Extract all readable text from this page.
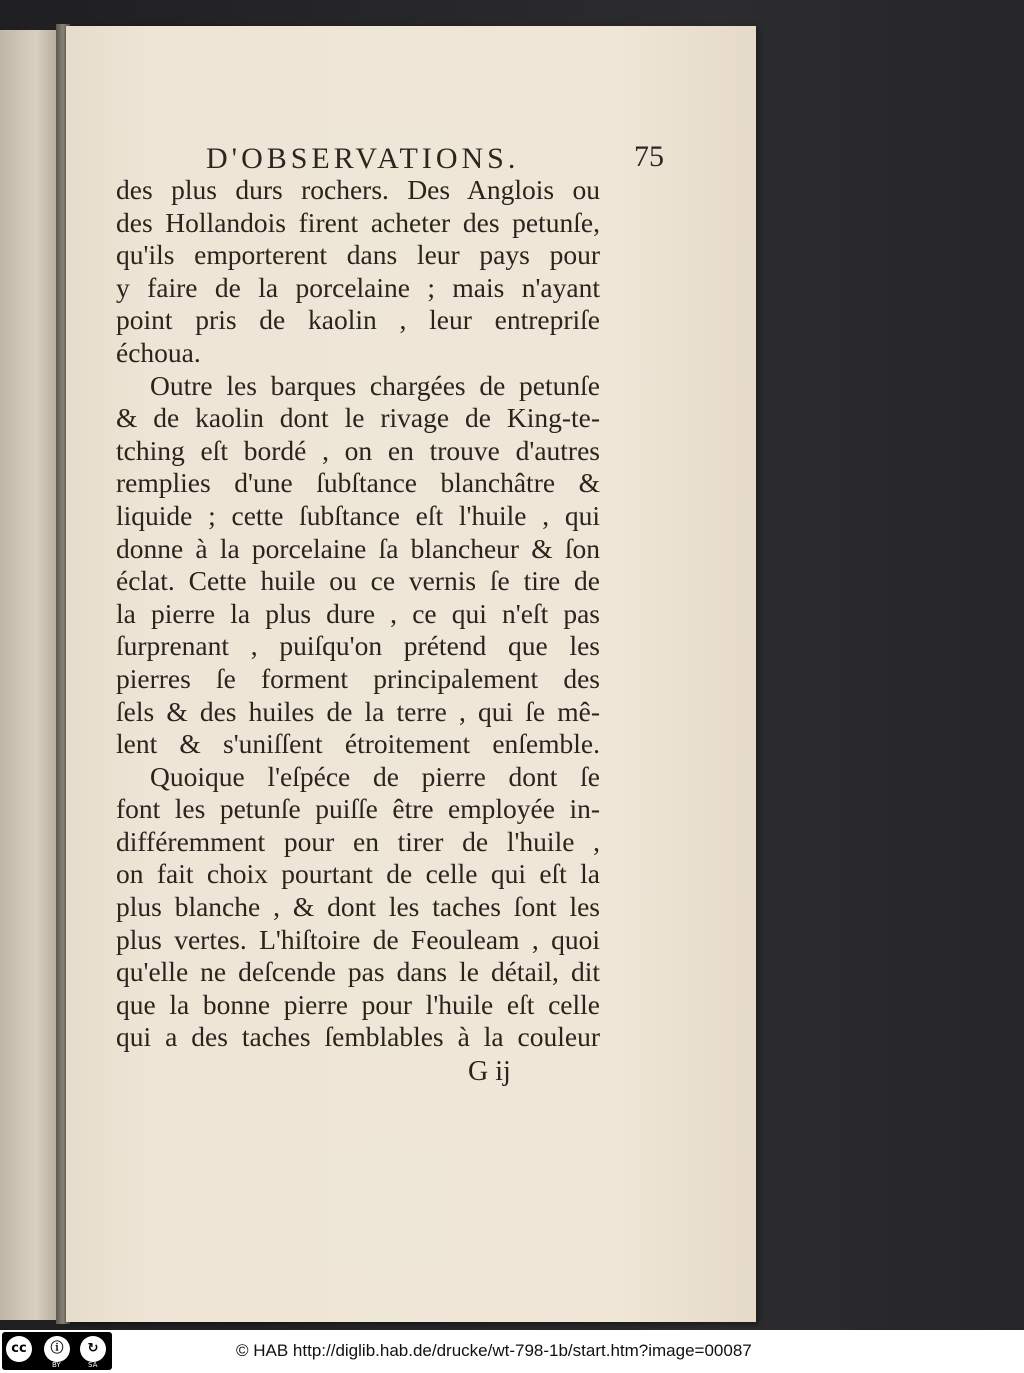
D'OBSERVATIONS.	75
des plus durs rochers. Des Anglois ou
des Hollandois firent acheter des petunſe,
qu'ils emporterent dans leur pays pour
y faire de la porcelaine ; mais n'ayant
point pris de kaolin , leur entrepriſe
échoua.
Outre les barques chargées de petunſe
& de kaolin dont le rivage de King-te-
tching eſt bordé , on en trouve d'autres
remplies d'une ſubſtance blanchâtre &
liquide ; cette ſubſtance eſt l'huile , qui
donne à la porcelaine ſa blancheur & ſon
éclat. Cette huile ou ce vernis ſe tire de
la pierre la plus dure , ce qui n'eſt pas
ſurprenant , puiſqu'on prétend que les
pierres ſe forment principalement des
ſels & des huiles de la terre , qui ſe mê-
lent & s'uniſſent étroitement enſemble.
Quoique l'eſpéce de pierre dont ſe
font les petunſe puiſſe être employée in-
différemment pour en tirer de l'huile ,
on fait choix pourtant de celle qui eſt la
plus blanche , & dont les taches ſont les
plus vertes. L'hiſtoire de Feouleam , quoi
qu'elle ne deſcende pas dans le détail, dit
que la bonne pierre pour l'huile eſt celle
qui a des taches ſemblables à la couleur
G ij
cc	ⓘ	↻
BY	SA
© HAB http://diglib.hab.de/drucke/wt-798-1b/start.htm?image=00087
